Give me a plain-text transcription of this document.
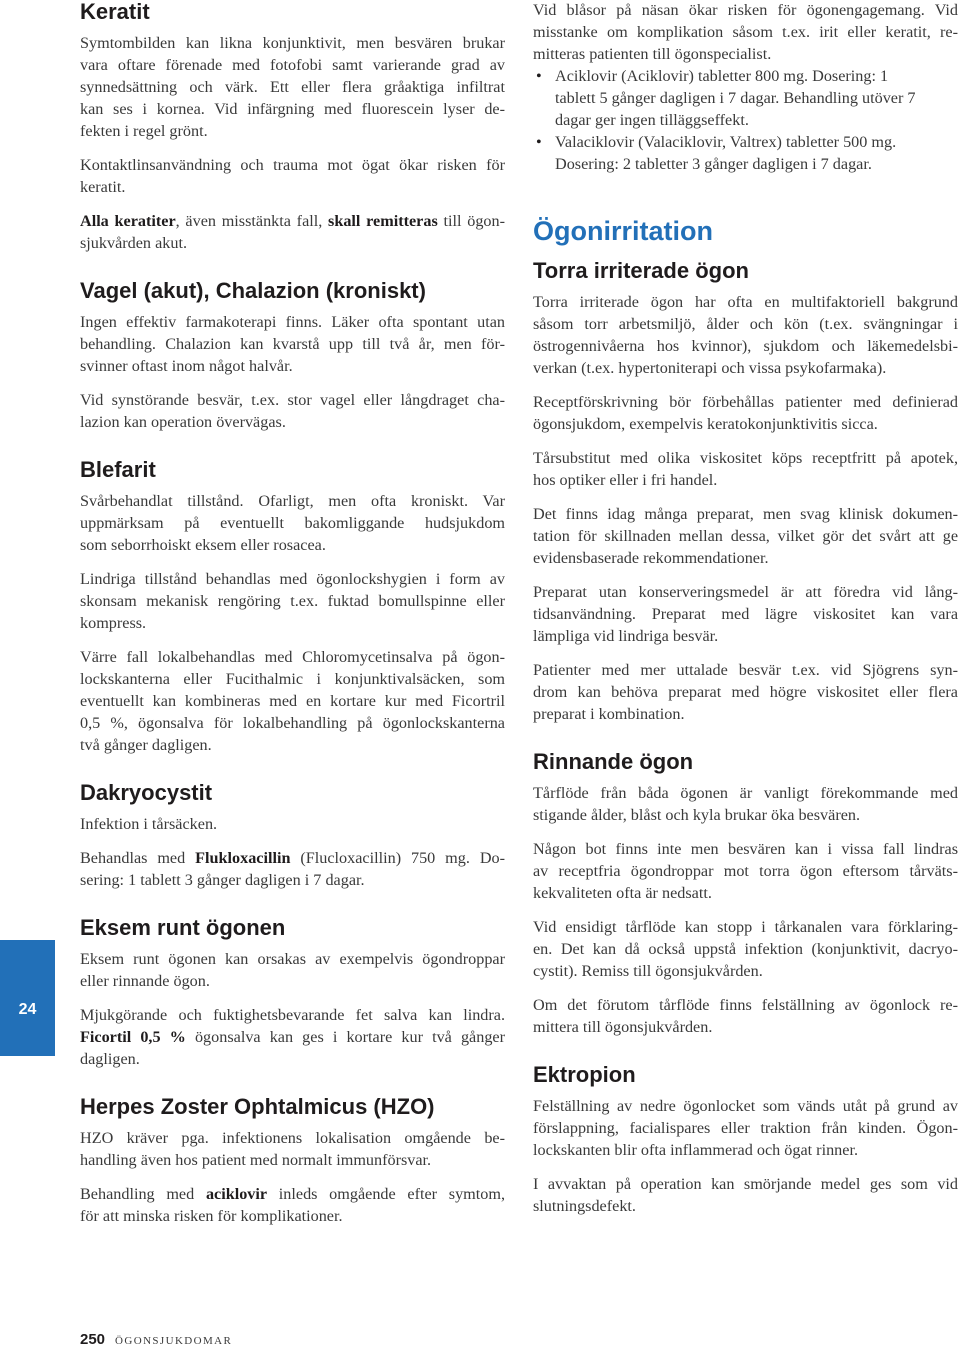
Keratit
Symtombilden kan likna konjunktivit, men besvären brukar
vara oftare förenade med fotofobi samt varierande grad av
synnedsättning och värk. Ett eller flera gråaktiga infiltrat
kan ses i kornea. Vid infärgning med fluorescein lyser de-
fekten i regel grönt.
Kontaktlinsanvändning och trauma mot ögat ökar risken för
keratit.
Alla keratiter, även misstänkta fall, skall remitteras till ögon-
sjukvården akut.
Vagel (akut), Chalazion (kroniskt)
Ingen effektiv farmakoterapi finns. Läker ofta spontant utan
behandling. Chalazion kan kvarstå upp till två år, men för-
svinner oftast inom något halvår.
Vid synstörande besvär, t.ex. stor vagel eller långdraget cha-
lazion kan operation övervägas.
Blefarit
Svårbehandlat tillstånd. Ofarligt, men ofta kroniskt. Var
uppmärksam på eventuellt bakomliggande hudsjukdom
som seborrhoiskt eksem eller rosacea.
Lindriga tillstånd behandlas med ögonlockshygien i form av
skonsam mekanisk rengöring t.ex. fuktad bomullspinne eller
kompress.
Värre fall lokalbehandlas med Chloromycetinsalva på ögon-
lockskanterna eller Fucithalmic i konjunktivalsäcken, som
eventuellt kan kombineras med en kortare kur med Ficortril
0,5 %, ögonsalva för lokalbehandling på ögonlockskanterna
två gånger dagligen.
Dakryocystit
Infektion i tårsäcken.
Behandlas med Flukloxacillin (Flucloxacillin) 750 mg. Do-
sering: 1 tablett 3 gånger dagligen i 7 dagar.
Eksem runt ögonen
Eksem runt ögonen kan orsakas av exempelvis ögondroppar
eller rinnande ögon.
Mjukgörande och fuktighetsbevarande fet salva kan lindra.
Ficortil 0,5 % ögonsalva kan ges i kortare kur två gånger
dagligen.
Herpes Zoster Ophtalmicus (HZO)
HZO kräver pga. infektionens lokalisation omgående be-
handling även hos patient med normalt immunförsvar.
Behandling med aciklovir inleds omgående efter symtom,
för att minska risken för komplikationer.
Vid blåsor på näsan ökar risken för ögonengagemang. Vid
misstanke om komplikation såsom t.ex. irit eller keratit, re-
mitteras patienten till ögonspecialist.
•
Aciklovir (Aciklovir) tabletter 800 mg. Dosering: 1
tablett 5 gånger dagligen i 7 dagar. Behandling utöver 7
dagar ger ingen tilläggseffekt.
•
Valaciklovir (Valaciklovir, Valtrex) tabletter 500 mg.
Dosering: 2 tabletter 3 gånger dagligen i 7 dagar.
Ögonirritation
Torra irriterade ögon
Torra irriterade ögon har ofta en multifaktoriell bakgrund
såsom torr arbetsmiljö, ålder och kön (t.ex. svängningar i
östrogennivåerna hos kvinnor), sjukdom och läkemedelsbi-
verkan (t.ex. hypertoniterapi och vissa psykofarmaka).
Receptförskrivning bör förbehållas patienter med definierad
ögonsjukdom, exempelvis keratokonjunktivitis sicca.
Tårsubstitut med olika viskositet köps receptfritt på apotek,
hos optiker eller i fri handel.
Det finns idag många preparat, men svag klinisk dokumen-
tation för skillnaden mellan dessa, vilket gör det svårt att ge
evidensbaserade rekommendationer.
Preparat utan konserveringsmedel är att föredra vid lång-
tidsanvändning. Preparat med lägre viskositet kan vara
lämpliga vid lindriga besvär.
Patienter med mer uttalade besvär t.ex. vid Sjögrens syn-
drom kan behöva preparat med högre viskositet eller flera
preparat i kombination.
Rinnande ögon
Tårflöde från båda ögonen är vanligt förekommande med
stigande ålder, blåst och kyla brukar öka besvären.
Någon bot finns inte men besvären kan i vissa fall lindras
av receptfria ögondroppar mot torra ögon eftersom tårväts-
kekvaliteten ofta är nedsatt.
Vid ensidigt tårflöde kan stopp i tårkanalen vara förklaring-
en. Det kan då också uppstå infektion (konjunktivit, dacryo-
cystit). Remiss till ögonsjukvården.
Om det förutom tårflöde finns felställning av ögonlock re-
mittera till ögonsjukvården.
Ektropion
Felställning av nedre ögonlocket som vänds utåt på grund av
förslappning, facialispares eller traktion från kinden. Ögon-
lockskanten blir ofta inflammerad och ögat rinner.
I avvaktan på operation kan smörjande medel ges som vid
slutningsdefekt.
24
250 ÖGONSJUKDOMAR
